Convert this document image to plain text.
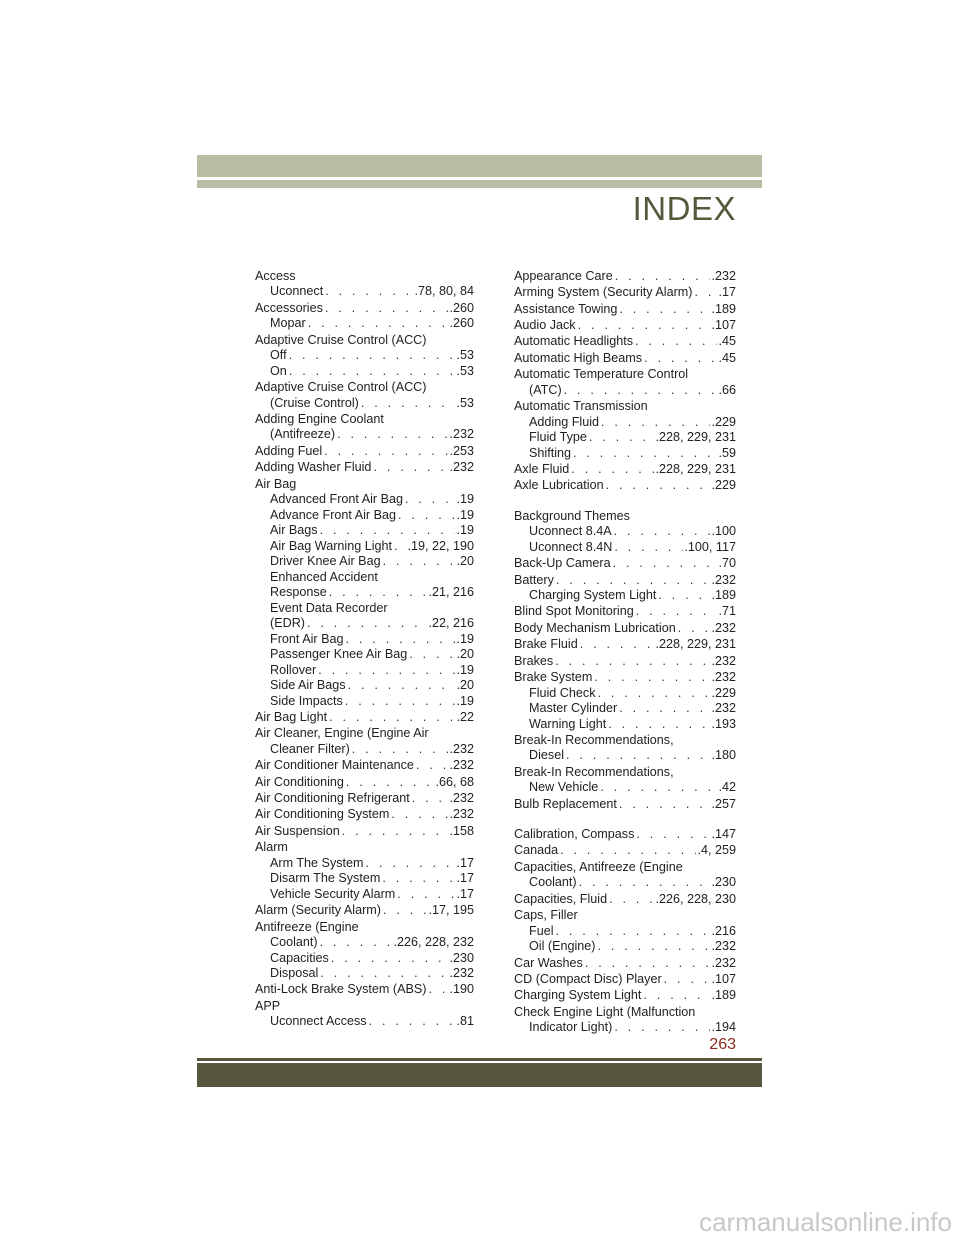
INDEX
Access
Uconnect . . .	.78, 80, 84
Accessories . . .	.260
Mopar . . .	.260
Adaptive Cruise Control (ACC)
Off . . .	.53
On . . .	.53
Adaptive Cruise Control (ACC)
(Cruise Control) . . .	.53
Adding Engine Coolant
(Antifreeze) . . .	.232
Adding Fuel . . .	.253
Adding Washer Fluid . . .	.232
Air Bag
Advanced Front Air Bag . . .	.19
Advance Front Air Bag . . .	.19
Air Bags . . .	.19
Air Bag Warning Light . . . .19, 22, 190
Driver Knee Air Bag . . .	.20
Enhanced Accident
Response . . .	.21, 216
Event Data Recorder
(EDR) . . .	.22, 216
Front Air Bag . . .	.19
Passenger Knee Air Bag . . .	.20
Rollover . . .	.19
Side Air Bags . . .	.20
Side Impacts . . .	.19
Air Bag Light . . .	.22
Air Cleaner, Engine (Engine Air
Cleaner Filter) . . .	.232
Air Conditioner Maintenance . . .	.232
Air Conditioning . . .	.66, 68
Air Conditioning Refrigerant . . .	.232
Air Conditioning System . . .	.232
Air Suspension . . .	.158
Alarm
Arm The System . . .	.17
Disarm The System . . .	.17
Vehicle Security Alarm . . .	.17
Alarm (Security Alarm) . . .	.17, 195
Antifreeze (Engine
Coolant) . . .	.226, 228, 232
Capacities . . .	.230
Disposal . . .	.232
Anti-Lock Brake System (ABS) . . . .190
APP
Uconnect Access . . .	.81
Appearance Care . . .	.232
Arming System (Security Alarm) . . . .17
Assistance Towing . . .	.189
Audio Jack . . .	.107
Automatic Headlights . . .	.45
Automatic High Beams . . .	.45
Automatic Temperature Control
(ATC) . . .	.66
Automatic Transmission
Adding Fluid . . .	.229
Fluid Type . . .	.228, 229, 231
Shifting . . .	.59
Axle Fluid . . .	.228, 229, 231
Axle Lubrication . . .	.229
Background Themes
Uconnect 8.4A . . .	.100
Uconnect 8.4N . . .	.100, 117
Back-Up Camera . . .	.70
Battery . . .	.232
Charging System Light . . .	.189
Blind Spot Monitoring . . .	.71
Body Mechanism Lubrication . . .	.232
Brake Fluid . . .	.228, 229, 231
Brakes . . .	.232
Brake System . . .	.232
Fluid Check . . .	.229
Master Cylinder . . .	.232
Warning Light . . .	.193
Break-In Recommendations,
Diesel . . .	.180
Break-In Recommendations,
New Vehicle . . .	.42
Bulb Replacement . . .	.257
Calibration, Compass . . .	.147
Canada . . .	.4, 259
Capacities, Antifreeze (Engine
Coolant) . . .	.230
Capacities, Fluid . . .	.226, 228, 230
Caps, Filler
Fuel . . .	.216
Oil (Engine) . . .	.232
Car Washes . . .	.232
CD (Compact Disc) Player . . .	.107
Charging System Light . . .	.189
Check Engine Light (Malfunction
Indicator Light) . . .	.194
263
carmanualsonline.info
